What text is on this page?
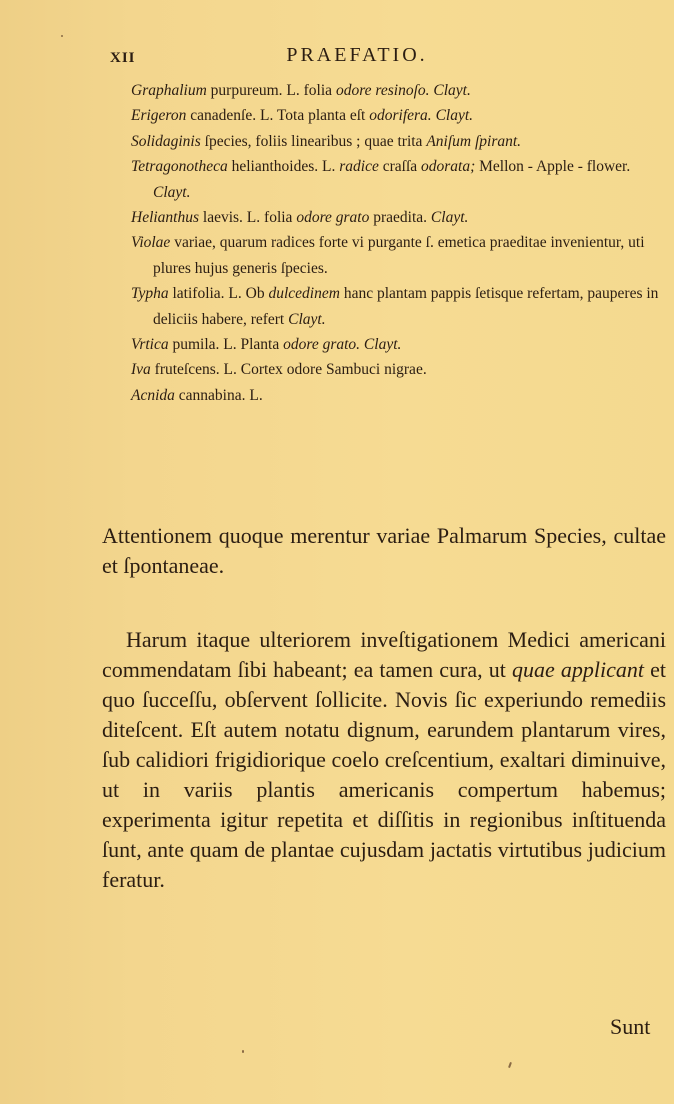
XII	PRAEFATIO.
Graphalium purpureum. L. folia odore resinoſo. Clayt.
Erigeron canadenſe. L. Tota planta eſt odorifera. Clayt.
Solidaginis ſpecies, foliis linearibus ; quae trita Aniſum ſpirant.
Tetragonotheca helianthoides. L. radice craſſa odorata; Mellon - Apple - flower. Clayt.
Helianthus laevis. L. folia odore grato praedita. Clayt.
Violae variae, quarum radices forte vi purgante ſ. emetica praeditae invenientur, uti plures hujus generis ſpecies.
Typha latifolia. L. Ob dulcedinem hanc plantam pappis ſetisque refertam, pauperes in deliciis habere, refert Clayt.
Vrtica pumila. L. Planta odore grato. Clayt.
Iva fruteſcens. L. Cortex odore Sambuci nigrae.
Acnida cannabina. L.
Attentionem quoque merentur variae Palmarum Species, cultae et ſpontaneae.
Harum itaque ulteriorem inveſtigationem Medici americani commendatam ſibi habeant; ea tamen cura, ut quae applicant et quo ſucceſſu, obſervent ſollicite. Novis ſic experiundo remediis diteſcent. Eſt autem notatu dignum, earundem plantarum vires, ſub calidiori frigidiorique coelo creſcentium, exaltari diminuive, ut in variis plantis americanis compertum habemus; experimenta igitur repetita et diſſitis in regionibus inſtituenda ſunt, ante quam de plantae cujusdam jactatis virtutibus judicium feratur.
Sunt
